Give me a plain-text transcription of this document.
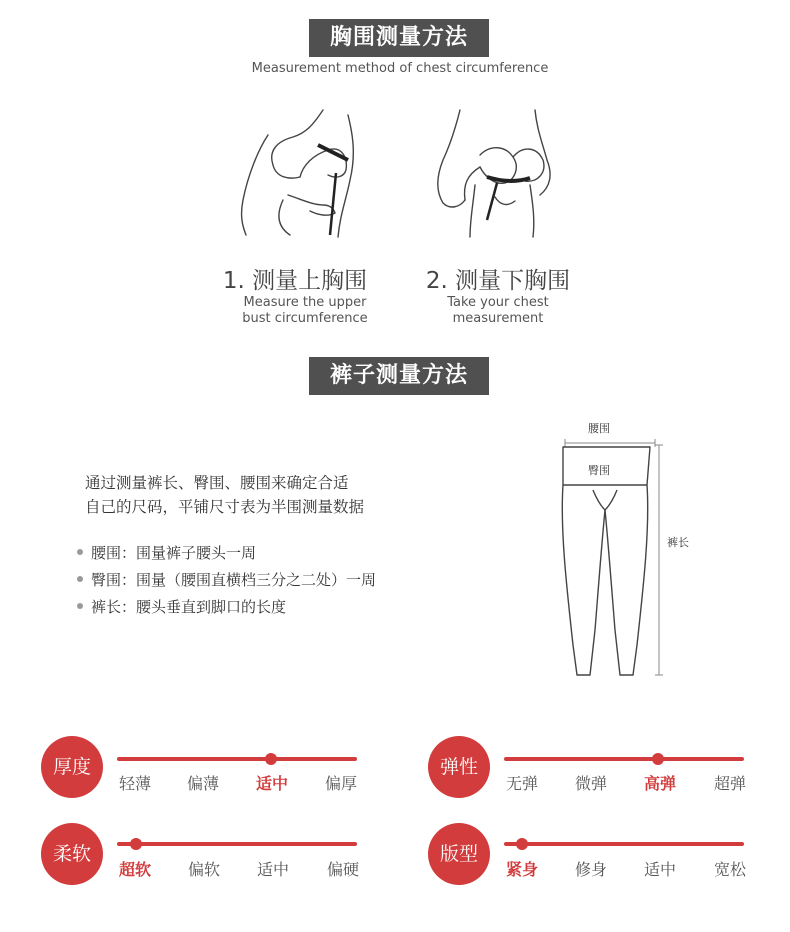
胸围测量方法
Measurement method of chest circumference
1. 测量上胸围
Measure the upper
bust circumference
2. 测量下胸围
Take your chest
measurement
裤子测量方法
通过测量裤长、臀围、腰围来确定合适
自己的尺码，平铺尺寸表为半围测量数据
腰围：围量裤子腰头一周
臀围：围量（腰围直横档三分之二处）一周
裤长：腰头垂直到脚口的长度
腰围
臀围
裤长
厚度
轻薄	偏薄	适中	偏厚
弹性
无弹	微弹	高弹	超弹
柔软
超软	偏软	适中	偏硬
版型
紧身	修身	适中	宽松
